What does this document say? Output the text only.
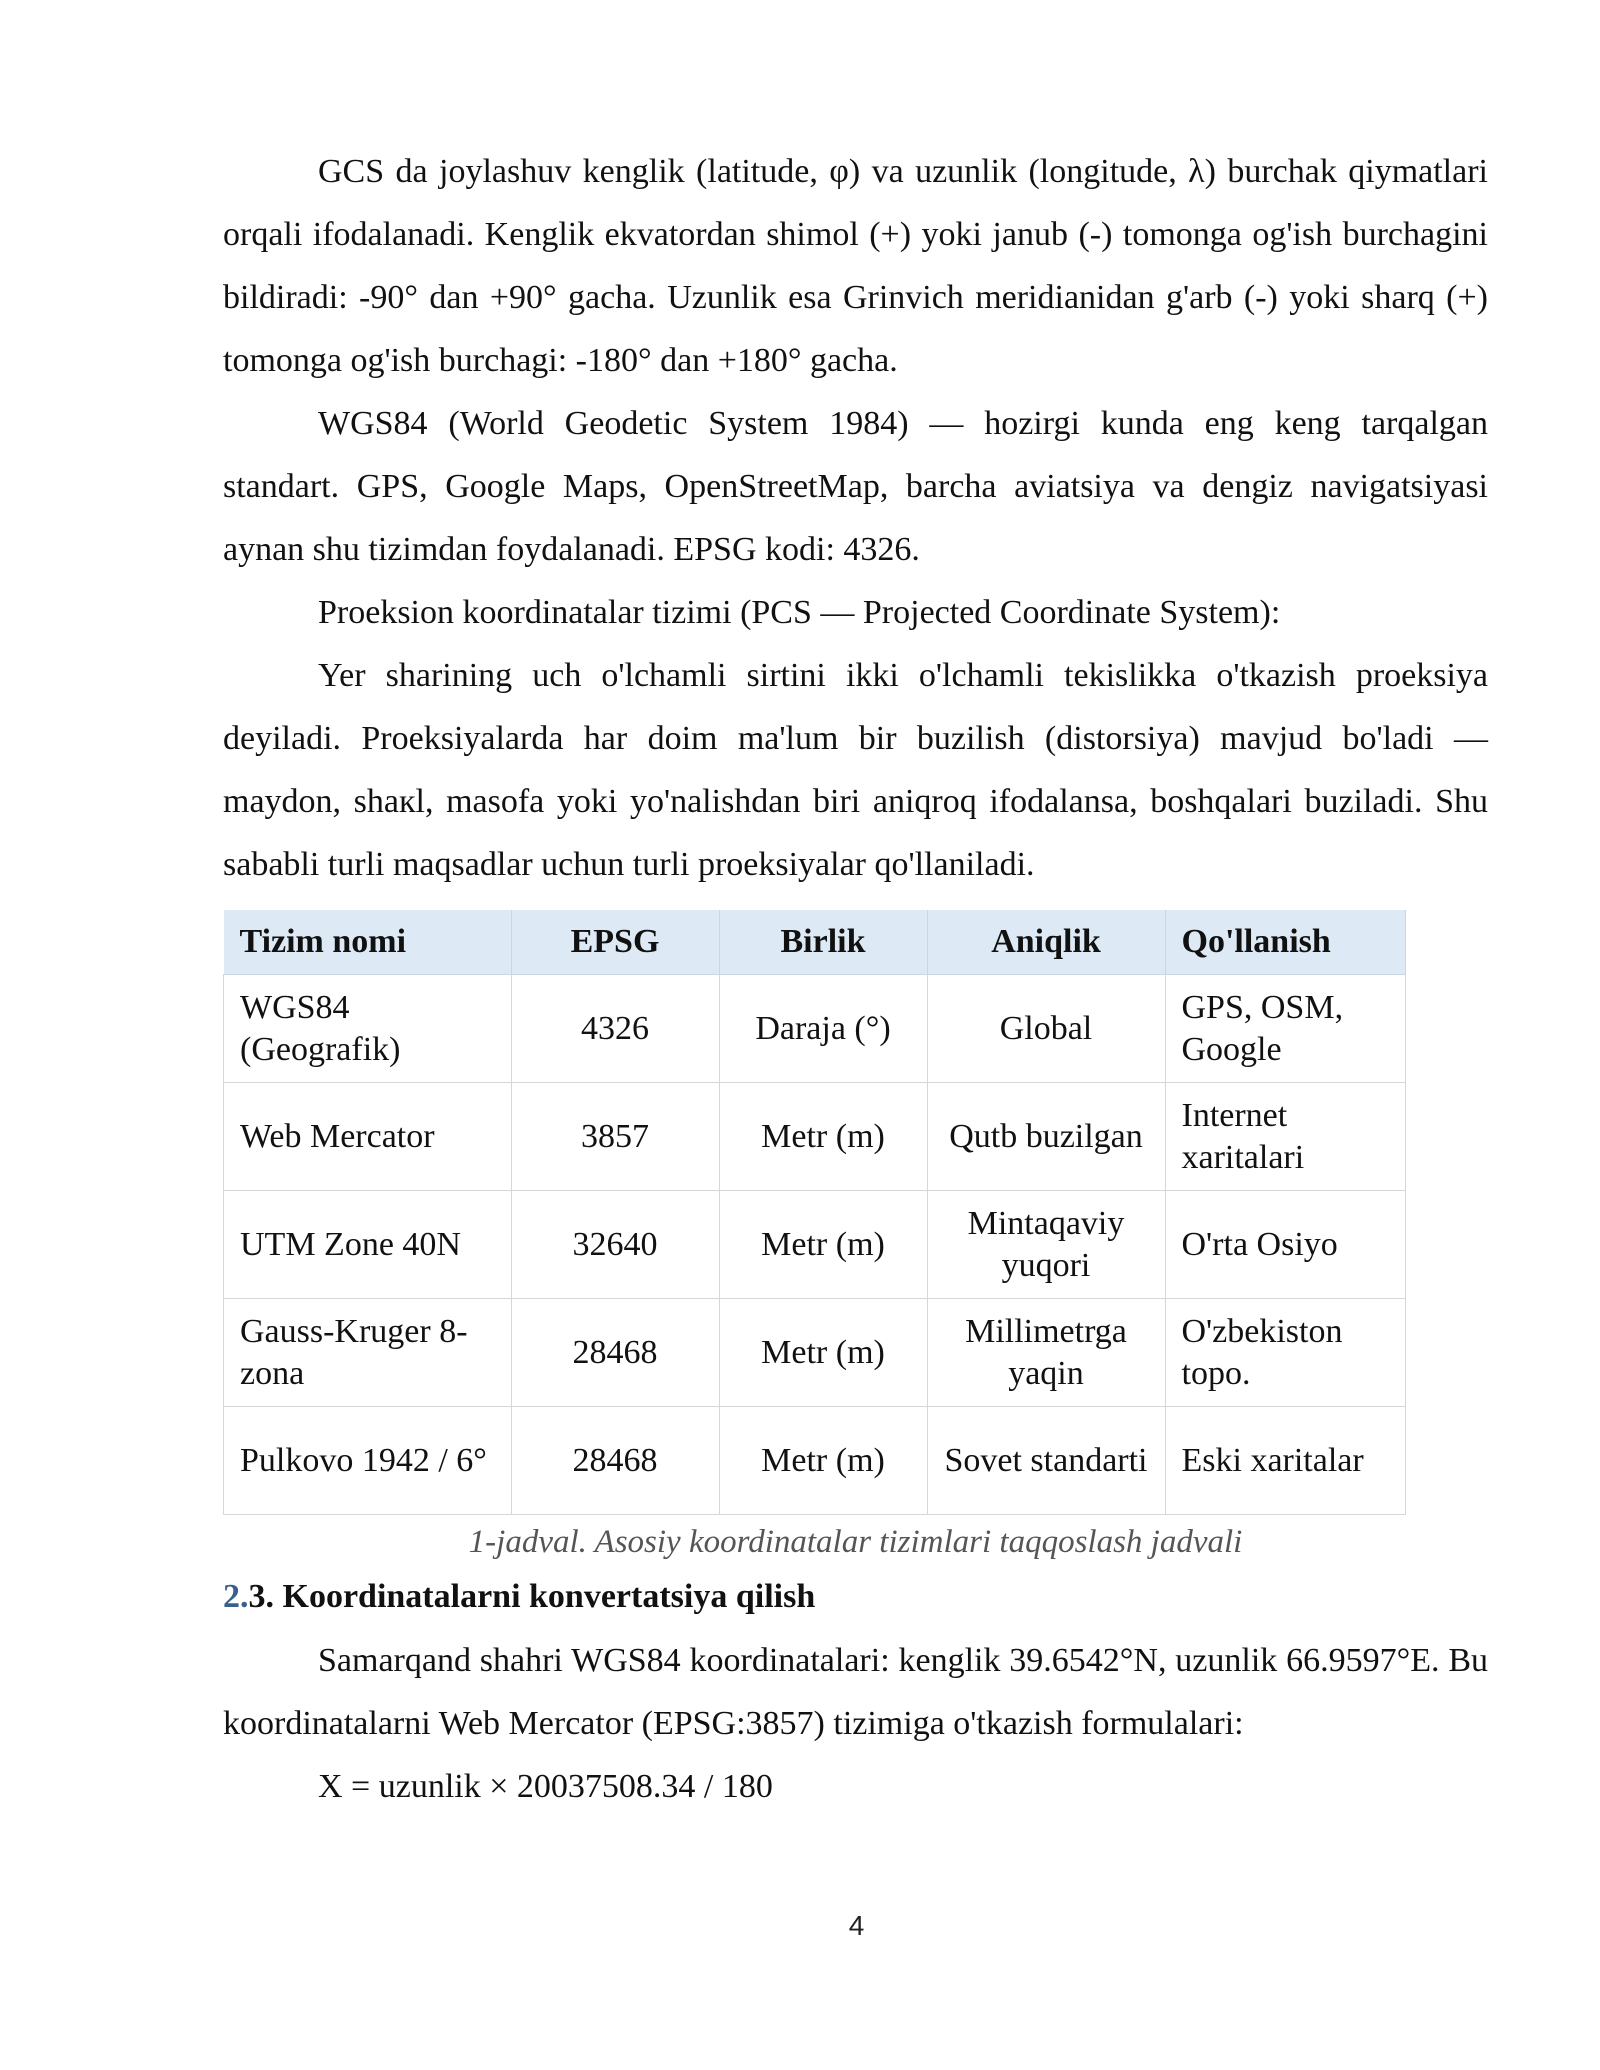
GCS da joylashuv kenglik (latitude, φ) va uzunlik (longitude, λ) burchak qiymatlari orqali ifodalanadi. Kenglik ekvatordan shimol (+) yoki janub (-) tomonga og'ish burchagini bildiradi: -90° dan +90° gacha. Uzunlik esa Grinvich meridianidan g'arb (-) yoki sharq (+) tomonga og'ish burchagi: -180° dan +180° gacha.

WGS84 (World Geodetic System 1984) — hozirgi kunda eng keng tarqalgan standart. GPS, Google Maps, OpenStreetMap, barcha aviatsiya va dengiz navigatsiyasi aynan shu tizimdan foydalanadi. EPSG kodi: 4326.

Proeksion koordinatalar tizimi (PCS — Projected Coordinate System):

Yer sharining uch o'lchamli sirtini ikki o'lchamli tekislikka o'tkazish proeksiya deyiladi. Proeksiyalarda har doim ma'lum bir buzilish (distorsiya) mavjud bo'ladi — maydon, shaкl, masofa yoki yo'nalishdan biri aniqroq ifodalansa, boshqalari buziladi. Shu sababli turli maqsadlar uchun turli proeksiyalar qo'llaniladi.

Tizim nomi	EPSG	Birlik	Aniqlik	Qo'llanish
WGS84 (Geografik)	4326	Daraja (°)	Global	GPS, OSM, Google
Web Mercator	3857	Metr (m)	Qutb buzilgan	Internet xaritalari
UTM Zone 40N	32640	Metr (m)	Mintaqaviy yuqori	O'rta Osiyo
Gauss-Kruger 8-zona	28468	Metr (m)	Millimetrga yaqin	O'zbekiston topo.
Pulkovo 1942 / 6°	28468	Metr (m)	Sovet standarti	Eski xaritalar
1-jadval. Asosiy koordinatalar tizimlari taqqoslash jadvali
2.3. Koordinatalarni konvertatsiya qilish

Samarqand shahri WGS84 koordinatalari: kenglik 39.6542°N, uzunlik 66.9597°E. Bu koordinatalarni Web Mercator (EPSG:3857) tizimiga o'tkazish formulalari:

X = uzunlik × 20037508.34 / 180

4
